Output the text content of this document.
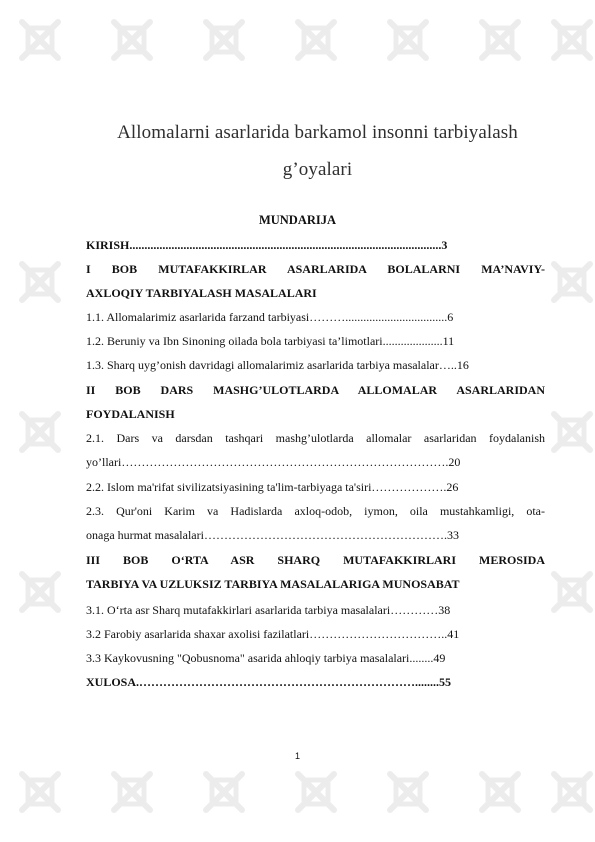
Allomalarni asarlarida barkamol insonni tarbiyalash
g’oyalari
MUNDARIJA
KIRISH........................................................................................................3
I BOB MUTAFAKKIRLAR ASARLARIDA BOLALARNI MA’NAVIY-
AXLOQIY TARBIYALASH MASALALARI
1.1. Allomalarimiz asarlarida farzand tarbiyasi………..................................6
1.2. Beruniy va Ibn Sinoning oilada bola tarbiyasi ta’limotlari....................11
1.3. Sharq uyg’onish davridagi allomalarimiz asarlarida tarbiya masalalar…..16
II BOB DARS MASHG’ULOTLARDA ALLOMALAR ASARLARIDAN
FOYDALANISH
2.1. Dars va darsdan tashqari mashg’ulotlarda allomalar asarlaridan foydalanish
yo’llari……………………………………………………………………….20
2.2. Islom ma'rifat sivilizatsiyasining ta'lim-tarbiyaga ta'siri……………….26
2.3. Qur'oni Karim va Hadislarda axloq-odob, iymon, oila mustahkamligi, ota-
onaga hurmat masalalari…………………………………………………….33
III BOB O‘RTA ASR SHARQ MUTAFAKKIRLARI MEROSIDA
TARBIYA VA UZLUKSIZ TARBIYA MASALALARIGA MUNOSABAT
3.1. O‘rta asr Sharq mutafakkirlari asarlarida tarbiya masalalari…………38
3.2 Farobiy asarlarida shaxar axolisi fazilatlari……………………………..41
3.3 Kaykovusning "Qobusnoma" asarida ahloqiy tarbiya masalalari........49
XULOSA.……………………………………………………………........55
1
